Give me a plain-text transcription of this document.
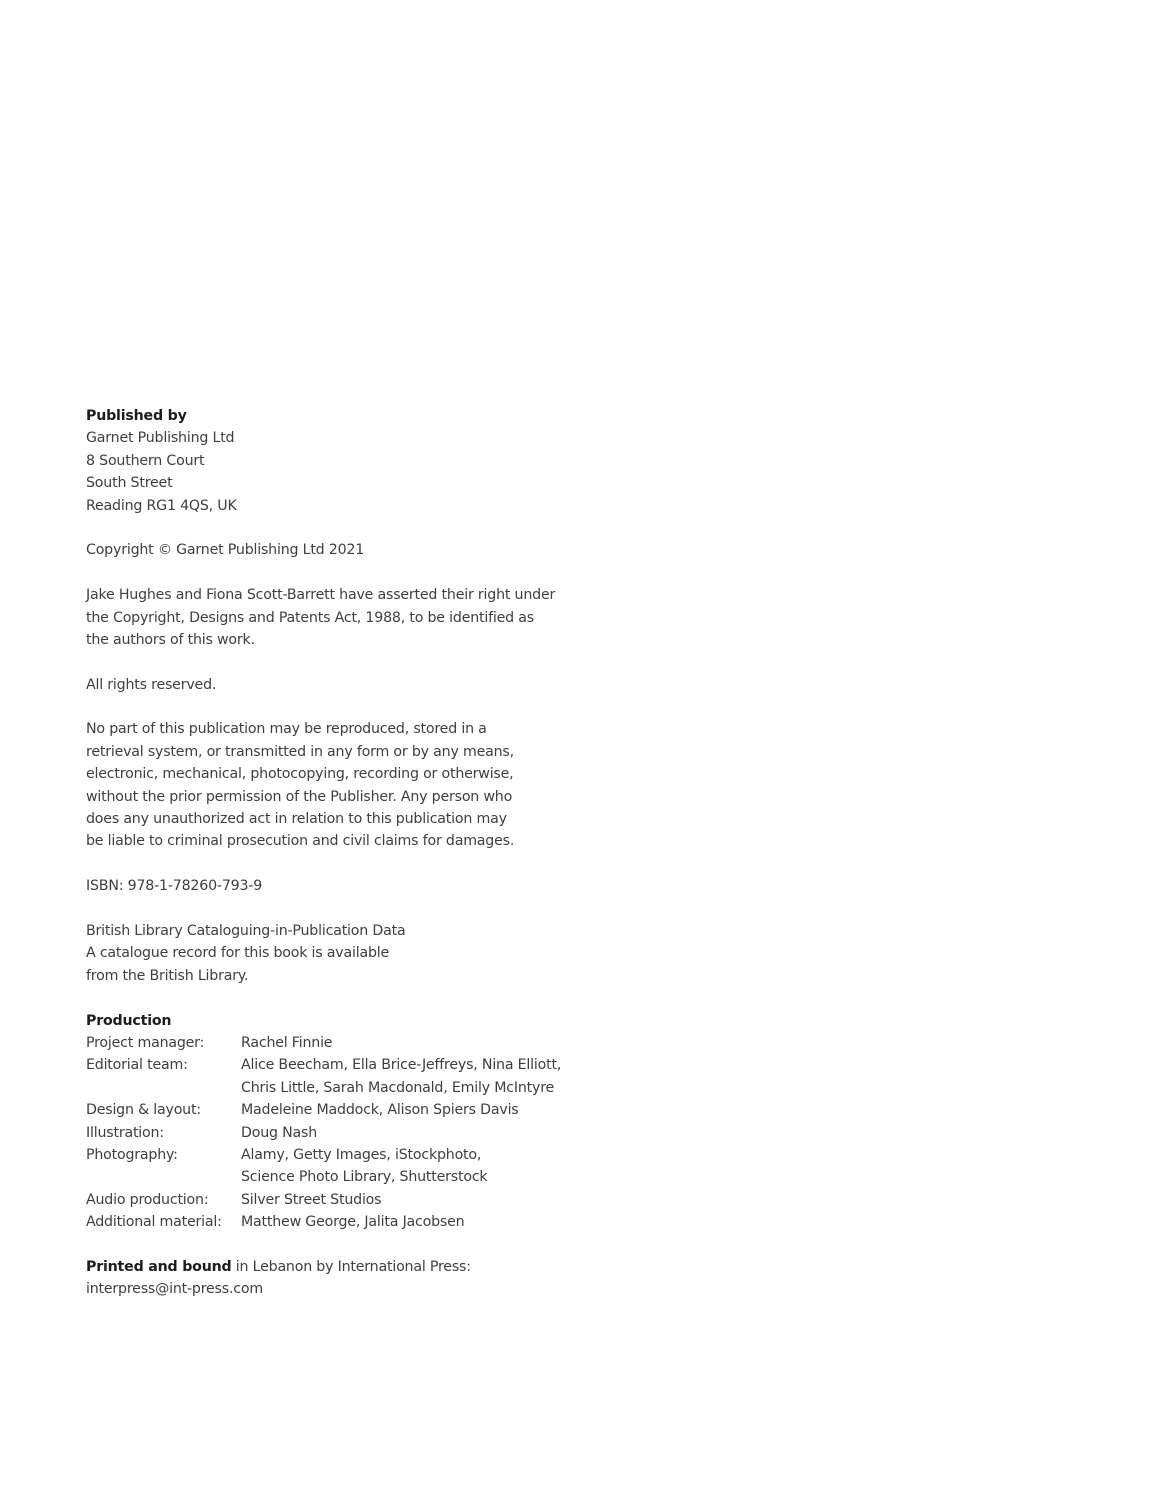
Published by
Garnet Publishing Ltd
8 Southern Court
South Street
Reading RG1 4QS, UK
Copyright © Garnet Publishing Ltd 2021
Jake Hughes and Fiona Scott-Barrett have asserted their right under
the Copyright, Designs and Patents Act, 1988, to be identified as
the authors of this work.
All rights reserved.
No part of this publication may be reproduced, stored in a
retrieval system, or transmitted in any form or by any means,
electronic, mechanical, photocopying, recording or otherwise,
without the prior permission of the Publisher. Any person who
does any unauthorized act in relation to this publication may
be liable to criminal prosecution and civil claims for damages.
ISBN: 978-1-78260-793-9
British Library Cataloguing-in-Publication Data
A catalogue record for this book is available
from the British Library.
Production
Project manager:	Rachel Finnie
Editorial team:	Alice Beecham, Ella Brice-Jeffreys, Nina Elliott,
Chris Little, Sarah Macdonald, Emily McIntyre
Design & layout:	Madeleine Maddock, Alison Spiers Davis
Illustration:	Doug Nash
Photography:	Alamy, Getty Images, iStockphoto,
Science Photo Library, Shutterstock
Audio production:	Silver Street Studios
Additional material:	Matthew George, Jalita Jacobsen
Printed and bound in Lebanon by International Press:
interpress@int-press.com
